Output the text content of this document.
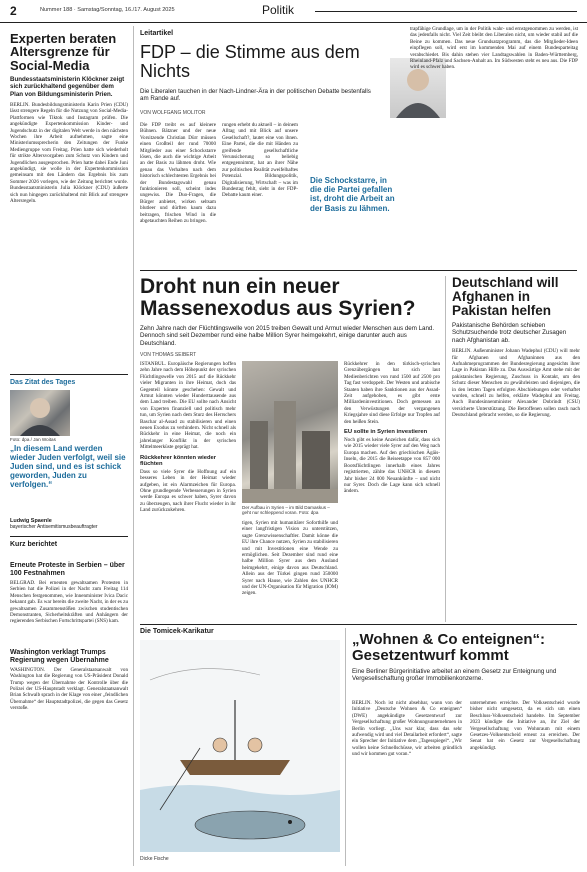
2	Nummer 188 · Samstag/Sonntag, 16./17. August 2025	Politik
Experten beraten Altersgrenze für Social-Media
Bundesstaatsministerin Klöckner zeigt sich zurückhaltend gegenüber dem Plan von Bildungsministerin Prien.
BERLIN. Bundesbildungsministerin Karin Prien (CDU) lässt strengere Regeln für die Nutzung von Social-Media-Plattformen wie Tiktok und Instagram prüfen. Die angekündigte Expertenkommission Kinder- und Jugendschutz in der digitalen Welt werde in den nächsten Wochen ihre Arbeit aufnehmen, sagte eine Ministeriumssprecherin den Zeitungen der Funke Mediengruppe vom Freitag. Prien hatte sich wiederholt für strikte Altersvorgaben zum Schutz von Kindern und Jugendlichen ausgesprochen. Prien hatte dabei Ende Juni angekündigt, sie wolle in der Expertenkommission gemeinsam mit den Ländern das Ergebnis bis zum Sommer 2026 vorlegen, wie der Zeitung berichtet wurde. Bundesstaatsministerin Julia Klöckner (CDU) äußerte sich nun hingegen zurückhaltend mit Blick auf strengere Altersregeln.
Das Zitat des Tages
Foto: dpa / Jan Woitas
„In diesem Land werden wieder Juden verfolgt, weil sie Juden sind, und es ist schick geworden, Juden zu verfolgen.“
Ludwig Spaenle
bayerischer Antisemitismusbeauftragter
Kurz berichtet
Erneute Proteste in Serbien – über 100 Festnahmen
BELGRAD. Bei erneuten gewaltsamen Protesten in Serbien hat die Polizei in der Nacht zum Freitag 114 Menschen festgenommen, wie Innenminister Ivica Dacic bekannt gab. Es war bereits die zweite Nacht, in der es zu gewaltsamen Zusammenstößen zwischen studentischen Demonstranten, Sicherheitskräften und Anhängern der regierenden Serbischen Fortschrittspartei (SNS) kam.
Washington verklagt Trumps Regierung wegen Übernahme
WASHINGTON. Der Generalstaatsanwalt von Washington hat die Regierung von US-Präsident Donald Trump wegen der Übernahme der Kontrolle über die Polizei der US-Hauptstadt verklagt. Generalstaatsanwalt Brian Schwalb sprach in der Klage von einer „feindlichen Übernahme“ der Hauptstadtpolizei, die gegen das Gesetz verstoße.
Leitartikel
FDP – die Stimme aus dem Nichts
Die Liberalen tauchen in der Nach-Lindner-Ära in der politischen Debatte bestenfalls am Rande auf.
VON WOLFGANG MOLITOR
Die FDP treibt es auf kleinere Bühnen. Bätzner und der neue Vorsitzende Christian Dürr müssen einen Großteil der rund 70000 Mitglieder aus einer Schockstarre lösen, die auch die wichtige Arbeit an der Basis zu lähmen droht. Wie genau das Verhalten nach dem historisch schlechtesten Ergebnis bei der Bundestagswahl genau funktionieren soll, scheint indes ungewiss. Die Duo-Fragen, die Bürger anbietet, wirken seltsam blutleer und dürften kaum dazu beitragen, frischen Wind in die abgetauchten Reihen zu bringen.
rungen erhebt du aktuell – in deinem Alltag und mit Blick auf unsere Gesellschaft?, lautet eine von ihnen. Eine Partei, die die mit Händen zu greifende gesellschaftliche Verunsicherung so beliebig entgegennimmt, hat an ihrer Nähe zur politischen Realität zweifelhaftes Potenzial. Bildungspolitik, Digitalisierung, Wirtschaft – was im Bundestag fehlt, sieht in der FDP-Debatte kaum einer.
Die Schockstarre, in die die Partei gefallen ist, droht die Arbeit an der Basis zu lähmen.
trapfähige Grundlage, um in der Politik wahr- und ernstgenommen zu werden, ist das jedenfalls nicht. Viel Zeit bleibt den Liberalen nicht, um wieder stabil auf die Beine zu kommen. Das neue Grundsatzprogramm, das die Mitglieder-Ideen einpflegen soll, wird erst im kommenden Mai auf einem Bundesparteitag verabschiedet. Bis dahin stehen vier Landtagswahlen in Baden-Württemberg, Rheinland-Pfalz und Sachsen-Anhalt an. Im Südwesten steht es neu aus. Die FDP wird es schwer haben.
Droht nun ein neuer Massenexodus aus Syrien?
Zehn Jahre nach der Flüchtlingswelle von 2015 treiben Gewalt und Armut wieder Menschen aus dem Land. Dennoch sind seit Dezember rund eine halbe Million Syrer heimgekehrt, einige darunter auch aus Deutschland.
VON THOMAS SEIBERT
ISTANBUL. Europäische Regierungen hoffen zehn Jahre nach dem Höhepunkt der syrischen Flüchtlingswelle von 2015 auf die Rückkehr vieler Migranten in ihre Heimat, doch das Gegenteil könnte geschehen: Gewalt und Armut könnten wieder Hunderttausende aus dem Land treiben. Die EU sollte nach Ansicht von Experten finanziell und politisch mehr tun, um Syrien nach dem Sturz des Herrschers Baschar al-Assad zu stabilisieren und einen neuen Exodus zu verhindern. Nicht schnell als Rückkehr in eine Heimat, die noch ein jahrelanger Konflikt in der syrischen Mittelmeerküste geprägt hat.
Rückkehrer könnten wieder flüchten
Dass so viele Syrer die Hoffnung auf ein besseres Leben in der Heimat wieder aufgeben, ist ein Alarmzeichen für Europa. Ohne grundlegende Verbesserungen in Syrien werde Europa es schwer haben, Syrer davon zu überzeugen, nach ihrer Flucht wieder in ihr Land zurückzukehren.	Der Aufbau in Syrien – im Bild Damaskus – geht nur schleppend voran. Foto: dpa
tigen, Syrien mit humanitärer Soforthilfe und einer langfristigen Vision zu unterstützen, sagte Grenzwissenschaftler. Damit könne die EU ihre Chance nutzen, Syrien zu stabilisieren und mit Investitionen eine Wende zu ermöglichen. Seit Dezember sind rund eine halbe Million Syrer aus dem Ausland heimgekehrt, einige davon aus Deutschland. Allein aus der Türkei gingen rund 350000 Syrer nach Hause, wie Zahlen des UNHCR und der UN-Organisation für Migration (IOM) zeigen.
Rückkehrer in den türkisch-syrischen Grenzübergängen hat sich laut Medienberichten von rund 1500 auf 2500 pro Tag fast verdoppelt. Der Westen und arabische Staaten haben ihre Sanktionen aus der Assad-Zeit aufgehoben, es gibt erste Milliardeninvestitionen. Doch gemessen an den Verwüstungen der vergangenen Kriegsjahre sind diese Erfolge nur Tropfen auf den heißen Stein.
EU sollte in Syrien investieren
Noch gibt es keine Anzeichen dafür, dass sich wie 2015 wieder viele Syrer auf den Weg nach Europa machen. Auf den griechischen Ägäis-Inseln, die 2015 die Reiseetappe von 857 000 Bootsflüchtlingen innerhalb eines Jahres registrierten, zählte das UNHCR in diesem Jahr bisher 24 000 Neuankünfte – und nicht nur Syrer. Doch die Lage kann sich schnell ändern.
Deutschland will Afghanen in Pakistan helfen
Pakistanische Behörden schieben Schutzsuchende trotz deutscher Zusagen nach Afghanistan ab.
BERLIN. Außenminister Johann Wadephul (CDU) will mehr für Afghanen und Afghaninnen aus den Aufnahmeprogrammen der Bundesregierung angesichts ihrer Lage in Pakistan Hilfe zu. Das Auswärtige Amt stehe mit der pakistanischen Regierung, Zuschuss in Kontakt, um den Schutz dieser Menschen zu gewährleisten und diejenigen, die in den letzten Tagen erfolgten Abschiebungen oder verhaftet wurden, schnell zu helfen, erklärte Wadephul am Freitag. Auch Bundesinnenminister Alexander Dobrindt (CSU) versicherte Unterstützung. Die Betroffenen sollen rasch nach Deutschland gebracht werden, so die Regierung.
Die Tomicek-Karikatur
Dicke Fische
„Wohnen & Co enteignen“: Gesetzentwurf kommt
Eine Berliner Bürgerinitiative arbeitet an einem Gesetz zur Enteignung und Vergesellschaftung großer Immobilienkonzerne.
BERLIN. Noch ist nicht absehbar, wann von der Initiative „Deutsche Wohnen & Co enteignen“ (DWE) angekündigte Gesetzentwurf zur Vergesellschaftung großer Wohnungsunternehmen in Berlin vorliegt. „Uns war klar, dass das sehr aufwendig wird und viel Detailarbeit erfordert“, sagte ein Sprecher der Initiative dem „Tagesspiegel“. „Wir wollen keine Schnellschüsse, wir arbeiten gründlich und wir kommen gut voran.“
unternehmen erreichte. Der Volksentscheid wurde bisher nicht umgesetzt, da es sich um einen Beschluss-Volksentscheid handelte. Im September 2023 kündigte die Initiative an, ihr Ziel der Vergesellschaftung von Wohnraum mit einem Gesetzes-Volksentscheid erneut zu erreichen. Der Senat hat ein Gesetz zur Vergesellschaftung angekündigt.
